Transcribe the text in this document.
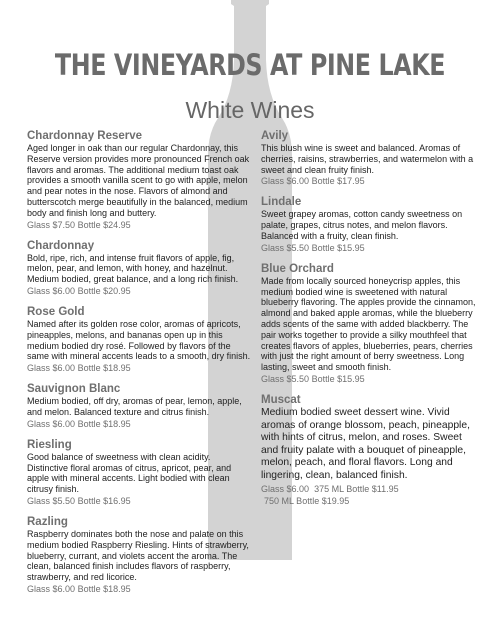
THE VINEYARDS AT PINE LAKE
White Wines
Chardonnay Reserve
Aged longer in oak than our regular Chardonnay, this Reserve version provides more pronounced French oak flavors and aromas. The additional medium toast oak provides a smooth vanilla scent to go with apple, melon and pear notes in the nose. Flavors of almond and butterscotch merge beautifully in the balanced, medium body and finish long and buttery.
Glass $7.50 Bottle $24.95
Chardonnay
Bold, ripe, rich, and intense fruit flavors of apple, fig, melon, pear, and lemon, with honey, and hazelnut. Medium bodied, great balance, and a long rich finish.
Glass $6.00 Bottle $20.95
Rose Gold
Named after its golden rose color, aromas of apricots, pineapples, melons, and bananas open up in this medium bodied dry rosé. Followed by flavors of the same with mineral accents leads to a smooth, dry finish.
Glass $6.00 Bottle $18.95
Sauvignon Blanc
Medium bodied, off dry, aromas of pear, lemon, apple, and melon. Balanced texture and citrus finish.
Glass $6.00 Bottle $18.95
Riesling
Good balance of sweetness with clean acidity. Distinctive floral aromas of citrus, apricot, pear, and apple with mineral accents. Light bodied with clean citrusy finish.
Glass $5.50 Bottle $16.95
Razling
Raspberry dominates both the nose and palate on this medium bodied Raspberry Riesling. Hints of strawberry, blueberry, currant, and violets accent the aroma. The clean, balanced finish includes flavors of raspberry, strawberry, and red licorice.
Glass $6.00 Bottle $18.95
Avily
This blush wine is sweet and balanced. Aromas of cherries, raisins, strawberries, and watermelon with a sweet and clean fruity finish.
Glass $6.00 Bottle $17.95
Lindale
Sweet grapey aromas, cotton candy sweetness on palate, grapes, citrus notes, and melon flavors. Balanced with a fruity, clean finish.
Glass $5.50 Bottle $15.95
Blue Orchard
Made from locally sourced honeycrisp apples, this medium bodied wine is sweetened with natural blueberry flavoring. The apples provide the cinnamon, almond and baked apple aromas, while the blueberry adds scents of the same with added blackberry. The pair works together to provide a silky mouthfeel that creates flavors of apples, blueberries, pears, cherries with just the right amount of berry sweetness. Long lasting, sweet and smooth finish.
Glass $5.50 Bottle $15.95
Muscat
Medium bodied sweet dessert wine. Vivid aromas of orange blossom, peach, pineapple, with hints of citrus, melon, and roses. Sweet and fruity palate with a bouquet of pineapple, melon, peach, and floral flavors. Long and lingering, clean, balanced finish.
Glass $6.00 375 ML Bottle $11.95
750 ML Bottle $19.95
